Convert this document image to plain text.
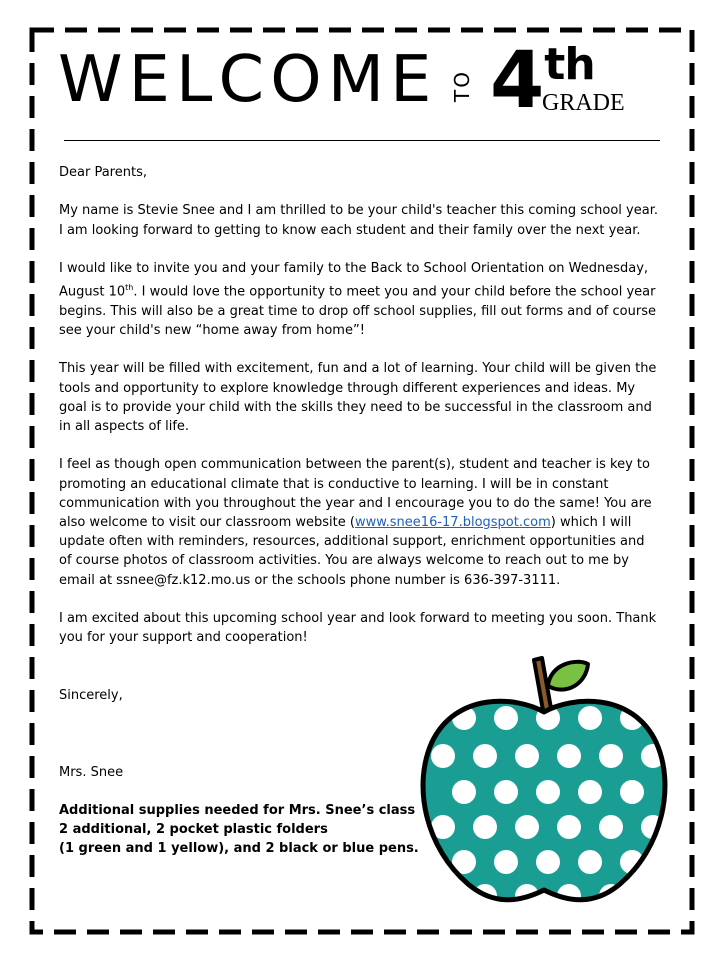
WELCOME TO 4th
GRADE

Dear Parents,

My name is Stevie Snee and I am thrilled to be your child's teacher this coming school year. I am looking forward to getting to know each student and their family over the next year.

I would like to invite you and your family to the Back to School Orientation on Wednesday, August 10th. I would love the opportunity to meet you and your child before the school year begins. This will also be a great time to drop off school supplies, fill out forms and of course see your child's new “home away from home”!

This year will be filled with excitement, fun and a lot of learning. Your child will be given the tools and opportunity to explore knowledge through different experiences and ideas. My goal is to provide your child with the skills they need to be successful in the classroom and in all aspects of life.

I feel as though open communication between the parent(s), student and teacher is key to promoting an educational climate that is conductive to learning. I will be in constant communication with you throughout the year and I encourage you to do the same! You are also welcome to visit our classroom website (www.snee16-17.blogspot.com) which I will update often with reminders, resources, additional support, enrichment opportunities and of course photos of classroom activities. You are always welcome to reach out to me by email at ssnee@fz.k12.mo.us or the schools phone number is 636-397-3111.

I am excited about this upcoming school year and look forward to meeting you soon. Thank you for your support and cooperation!

Sincerely,

Mrs. Snee

Additional supplies needed for Mrs. Snee’s class

2 additional, 2 pocket plastic folders

(1 green and 1 yellow), and 2 black or blue pens.
